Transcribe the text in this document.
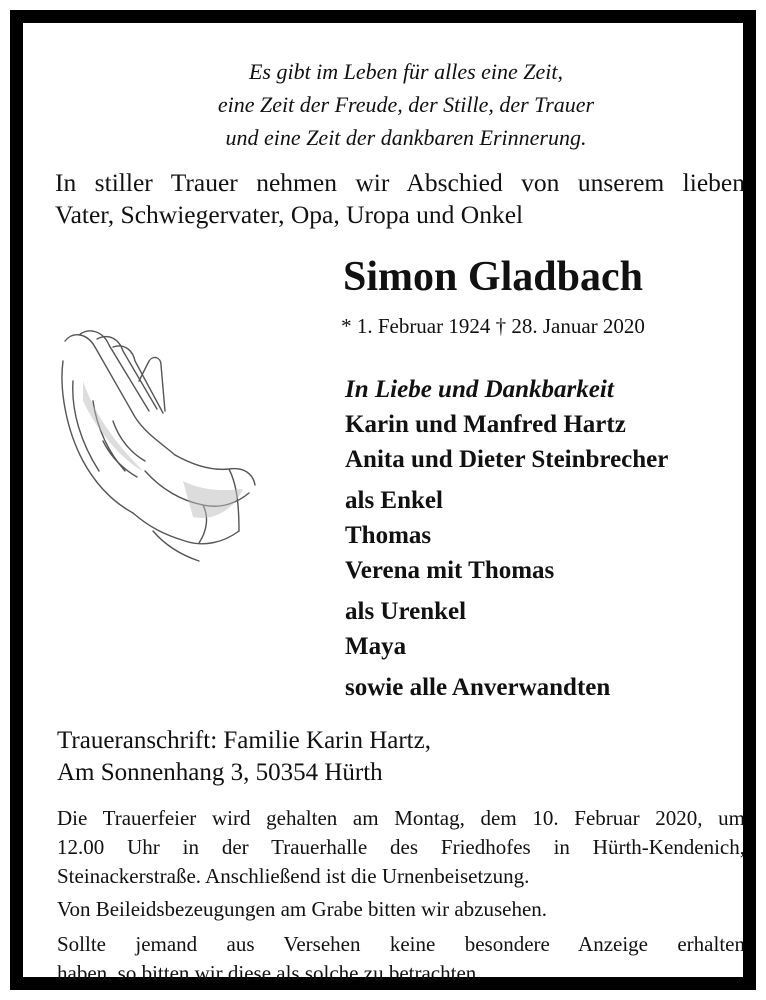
Es gibt im Leben für alles eine Zeit,
eine Zeit der Freude, der Stille, der Trauer
und eine Zeit der dankbaren Erinnerung.
In stiller Trauer nehmen wir Abschied von unserem lieben
Vater, Schwiegervater, Opa, Uropa und Onkel
Simon Gladbach
* 1. Februar 1924 † 28. Januar 2020
In Liebe und Dankbarkeit
Karin und Manfred Hartz
Anita und Dieter Steinbrecher
als Enkel
Thomas
Verena mit Thomas
als Urenkel
Maya
sowie alle Anverwandten
Traueranschrift: Familie Karin Hartz,
Am Sonnenhang 3, 50354 Hürth
Die Trauerfeier wird gehalten am Montag, dem 10. Februar 2020, um
12.00 Uhr in der Trauerhalle des Friedhofes in Hürth-Kendenich,
Steinackerstraße. Anschließend ist die Urnenbeisetzung.
Von Beileidsbezeugungen am Grabe bitten wir abzusehen.
Sollte jemand aus Versehen keine besondere Anzeige erhalten
haben, so bitten wir diese als solche zu betrachten.
